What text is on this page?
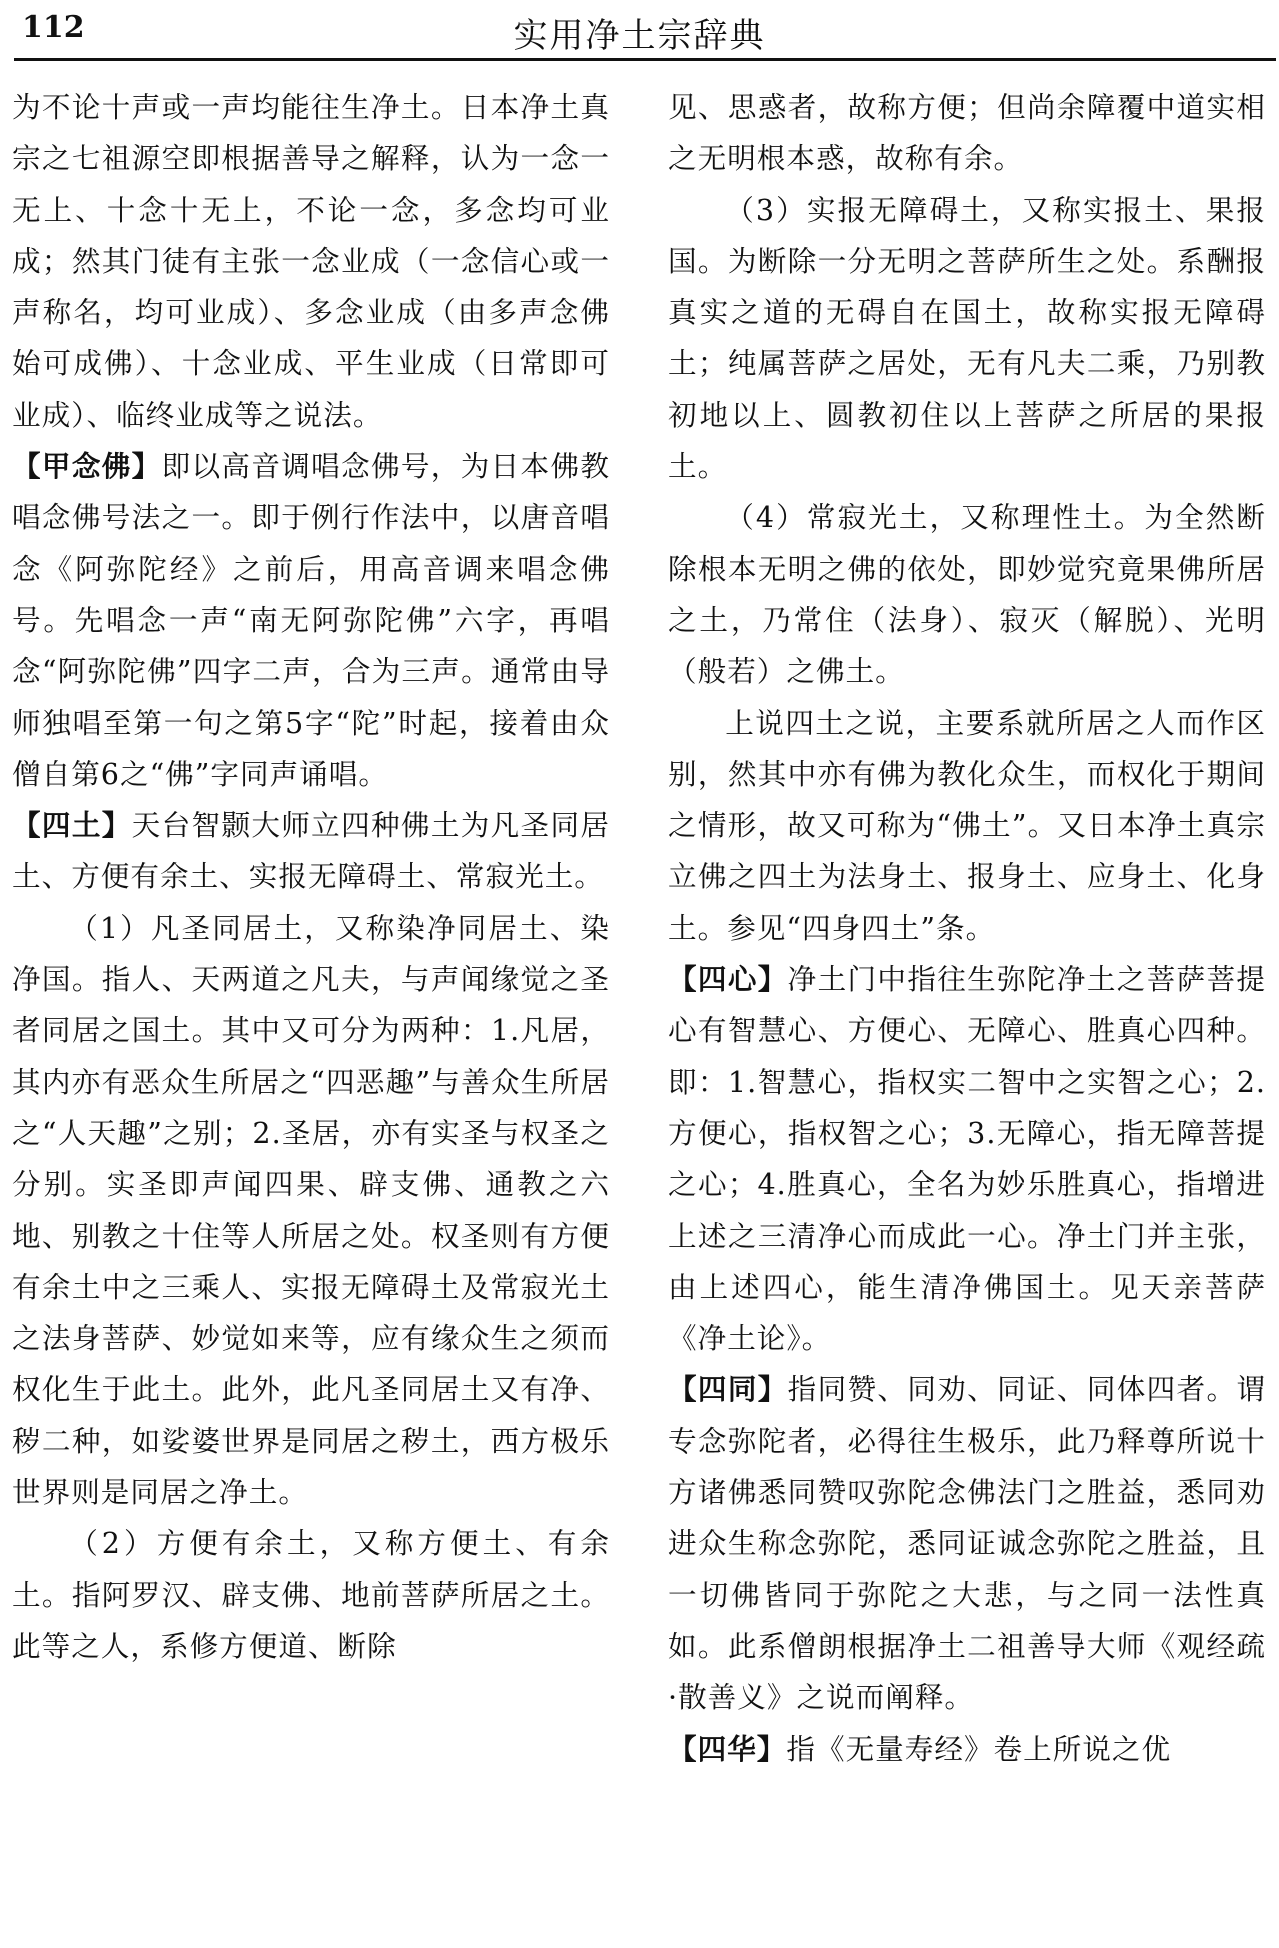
112	实用净土宗辞典

为不论十声或一声均能往生净土。日本净土真宗之七祖源空即根据善导之解释，认为一念一无上、十念十无上，不论一念，多念均可业成；然其门徒有主张一念业成（一念信心或一声称名，均可业成）、多念业成（由多声念佛始可成佛）、十念业成、平生业成（日常即可业成）、临终业成等之说法。

【甲念佛】即以高音调唱念佛号，为日本佛教唱念佛号法之一。即于例行作法中，以唐音唱念《阿弥陀经》之前后，用高音调来唱念佛号。先唱念一声“南无阿弥陀佛”六字，再唱念“阿弥陀佛”四字二声，合为三声。通常由导师独唱至第一句之第5字“陀”时起，接着由众僧自第6之“佛”字同声诵唱。

【四土】天台智颢大师立四种佛土为凡圣同居土、方便有余土、实报无障碍土、常寂光土。

（1）凡圣同居土，又称染净同居土、染净国。指人、天两道之凡夫，与声闻缘觉之圣者同居之国土。其中又可分为两种：1.凡居，其内亦有恶众生所居之“四恶趣”与善众生所居之“人天趣”之别；2.圣居，亦有实圣与权圣之分别。实圣即声闻四果、辟支佛、通教之六地、别教之十住等人所居之处。权圣则有方便有余土中之三乘人、实报无障碍土及常寂光土之法身菩萨、妙觉如来等，应有缘众生之须而权化生于此土。此外，此凡圣同居土又有净、秽二种，如娑婆世界是同居之秽土，西方极乐世界则是同居之净土。

（2）方便有余土，又称方便土、有余土。指阿罗汉、辟支佛、地前菩萨所居之土。此等之人，系修方便道、断除

见、思惑者，故称方便；但尚余障覆中道实相之无明根本惑，故称有余。

（3）实报无障碍土，又称实报土、果报国。为断除一分无明之菩萨所生之处。系酬报真实之道的无碍自在国土，故称实报无障碍土；纯属菩萨之居处，无有凡夫二乘，乃别教初地以上、圆教初住以上菩萨之所居的果报土。

（4）常寂光土，又称理性土。为全然断除根本无明之佛的依处，即妙觉究竟果佛所居之土，乃常住（法身）、寂灭（解脱）、光明（般若）之佛土。

上说四土之说，主要系就所居之人而作区别，然其中亦有佛为教化众生，而权化于期间之情形，故又可称为“佛土”。又日本净土真宗立佛之四土为法身土、报身土、应身土、化身土。参见“四身四土”条。

【四心】净土门中指往生弥陀净土之菩萨菩提心有智慧心、方便心、无障心、胜真心四种。即：1.智慧心，指权实二智中之实智之心；2.方便心，指权智之心；3.无障心，指无障菩提之心；4.胜真心，全名为妙乐胜真心，指增进上述之三清净心而成此一心。净土门并主张，由上述四心，能生清净佛国土。见天亲菩萨《净土论》。

【四同】指同赞、同劝、同证、同体四者。谓专念弥陀者，必得往生极乐，此乃释尊所说十方诸佛悉同赞叹弥陀念佛法门之胜益，悉同劝进众生称念弥陀，悉同证诚念弥陀之胜益，且一切佛皆同于弥陀之大悲，与之同一法性真如。此系僧朗根据净土二祖善导大师《观经疏·散善义》之说而阐释。

【四华】指《无量寿经》卷上所说之优
